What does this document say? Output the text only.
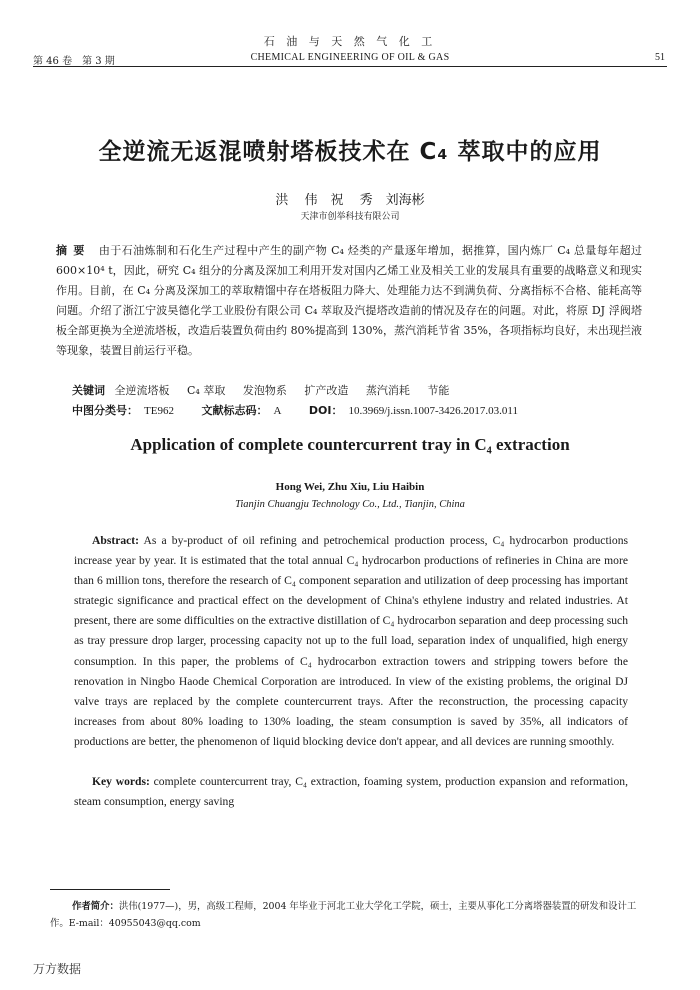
石 油 与 天 然 气 化 工
第 46 卷　第 3 期	CHEMICAL ENGINEERING OF OIL & GAS	51
全逆流无返混喷射塔板技术在 C₄ 萃取中的应用
洪 伟　祝 秀　刘海彬
天津市创举科技有限公司
摘要 由于石油炼制和石化生产过程中产生的副产物 C₄ 烃类的产量逐年增加，据推算，国内炼厂 C₄ 总量每年超过 600×10⁴ t，因此，研究 C₄ 组分的分离及深加工利用开发对国内乙烯工业及相关工业的发展具有重要的战略意义和现实作用。目前，在 C₄ 分离及深加工的萃取精馏中存在塔板阻力降大、处理能力达不到满负荷、分离指标不合格、能耗高等问题。介绍了浙江宁波昊德化学工业股份有限公司 C₄ 萃取及汽提塔改造前的情况及存在的问题。对此，将原 DJ 浮阀塔板全部更换为全逆流塔板，改造后装置负荷由约 80%提高到 130%，蒸汽消耗节省 35%，各项指标均良好，未出现拦液等现象，装置目前运行平稳。
关键词 全逆流塔板 C₄ 萃取 发泡物系 扩产改造 蒸汽消耗 节能
中图分类号： TE962	文献标志码： A	DOI： 10.3969/j.issn.1007-3426.2017.03.011
Application of complete countercurrent tray in C₄ extraction
Hong Wei, Zhu Xiu, Liu Haibin
Tianjin Chuangju Technology Co., Ltd., Tianjin, China
Abstract: As a by-product of oil refining and petrochemical production process, C₄ hydrocarbon productions increase year by year. It is estimated that the total annual C₄ hydrocarbon productions of refineries in China are more than 6 million tons, therefore the research of C₄ component separation and utilization of deep processing has important strategic significance and practical effect on the development of China's ethylene industry and related industries. At present, there are some difficulties on the extractive distillation of C₄ hydrocarbon separation and deep processing such as tray pressure drop larger, processing capacity not up to the full load, separation index of unqualified, high energy consumption. In this paper, the problems of C₄ hydrocarbon extraction towers and stripping towers before the renovation in Ningbo Haode Chemical Corporation are introduced. In view of the existing problems, the original DJ valve trays are replaced by the complete countercurrent trays. After the reconstruction, the processing capacity increases from about 80% loading to 130% loading, the steam consumption is saved by 35%, all indicators of productions are better, the phenomenon of liquid blocking device don't appear, and all devices are running smoothly.
Key words: complete countercurrent tray, C₄ extraction, foaming system, production expansion and reformation, steam consumption, energy saving
作者简介：洪伟(1977—)，男，高级工程师，2004 年毕业于河北工业大学化工学院，硕士，主要从事化工分离塔器装置的研发和设计工作。E-mail：40955043@qq.com
万方数据
